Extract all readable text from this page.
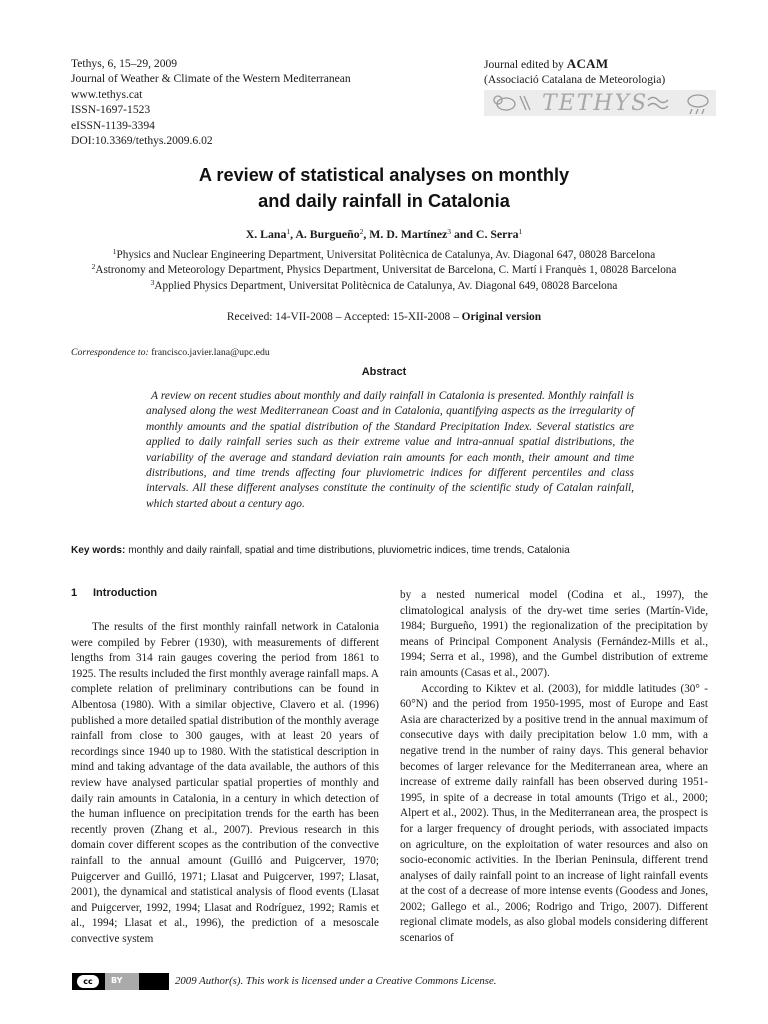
Tethys, 6, 15–29, 2009
Journal of Weather & Climate of the Western Mediterranean
www.tethys.cat
ISSN-1697-1523
eISSN-1139-3394
DOI:10.3369/tethys.2009.6.02
Journal edited by ACAM
(Associació Catalana de Meteorologia)
TETHYS
A review of statistical analyses on monthly
and daily rainfall in Catalonia
X. Lana$^1$, A. Burgueño$^2$, M. D. Martínez$^3$ and C. Serra$^1$
$^1$Physics and Nuclear Engineering Department, Universitat Politècnica de Catalunya, Av. Diagonal 647, 08028 Barcelona
$^2$Astronomy and Meteorology Department, Physics Department, Universitat de Barcelona, C. Martí i Franquès 1, 08028 Barcelona
$^3$Applied Physics Department, Universitat Politècnica de Catalunya, Av. Diagonal 649, 08028 Barcelona
Received: 14-VII-2008 – Accepted: 15-XII-2008 – Original version
Correspondence to: francisco.javier.lana@upc.edu
Abstract
A review on recent studies about monthly and daily rainfall in Catalonia is presented. Monthly rainfall is analysed along the west Mediterranean Coast and in Catalonia, quantifying aspects as the irregularity of monthly amounts and the spatial distribution of the Standard Precipitation Index. Several statistics are applied to daily rainfall series such as their extreme value and intra-annual spatial distributions, the variability of the average and standard deviation rain amounts for each month, their amount and time distributions, and time trends affecting four pluviometric indices for different percentiles and class intervals. All these different analyses constitute the continuity of the scientific study of Catalan rainfall, which started about a century ago.
Key words: monthly and daily rainfall, spatial and time distributions, pluviometric indices, time trends, Catalonia
1 Introduction
The results of the first monthly rainfall network in Catalonia were compiled by Febrer (1930), with measurements of different lengths from 314 rain gauges covering the period from 1861 to 1925. The results included the first monthly average rainfall maps. A complete relation of preliminary contributions can be found in Albentosa (1980). With a similar objective, Clavero et al. (1996) published a more detailed spatial distribution of the monthly average rainfall from close to 300 gauges, with at least 20 years of recordings since 1940 up to 1980. With the statistical description in mind and taking advantage of the data available, the authors of this review have analysed particular spatial properties of monthly and daily rain amounts in Catalonia, in a century in which detection of the human influence on precipitation trends for the earth has been recently proven (Zhang et al., 2007). Previous research in this domain cover different scopes as the contribution of the convective rainfall to the annual amount (Guilló and Puigcerver, 1970; Puigcerver and Guilló, 1971; Llasat and Puigcerver, 1997; Llasat, 2001), the dynamical and statistical analysis of flood events (Llasat and Puigcerver, 1992, 1994; Llasat and Rodríguez, 1992; Ramis et al., 1994; Llasat et al., 1996), the prediction of a mesoscale convective system

by a nested numerical model (Codina et al., 1997), the climatological analysis of the dry-wet time series (Martín-Vide, 1984; Burgueño, 1991) the regionalization of the precipitation by means of Principal Component Analysis (Fernández-Mills et al., 1994; Serra et al., 1998), and the Gumbel distribution of extreme rain amounts (Casas et al., 2007).

According to Kiktev et al. (2003), for middle latitudes (30° - 60°N) and the period from 1950-1995, most of Europe and East Asia are characterized by a positive trend in the annual maximum of consecutive days with daily precipitation below 1.0 mm, with a negative trend in the number of rainy days. This general behavior becomes of larger relevance for the Mediterranean area, where an increase of extreme daily rainfall has been observed during 1951-1995, in spite of a decrease in total amounts (Trigo et al., 2000; Alpert et al., 2002). Thus, in the Mediterranean area, the prospect is for a larger frequency of drought periods, with associated impacts on agriculture, on the exploitation of water resources and also on socio-economic activities. In the Iberian Peninsula, different trend analyses of daily rainfall point to an increase of light rainfall events at the cost of a decrease of more intense events (Goodess and Jones, 2002; Gallego et al., 2006; Rodrigo and Trigo, 2007). Different regional climate models, as also global models considering different scenarios of

cc	BY	2009 Author(s). This work is licensed under a Creative Commons License.
